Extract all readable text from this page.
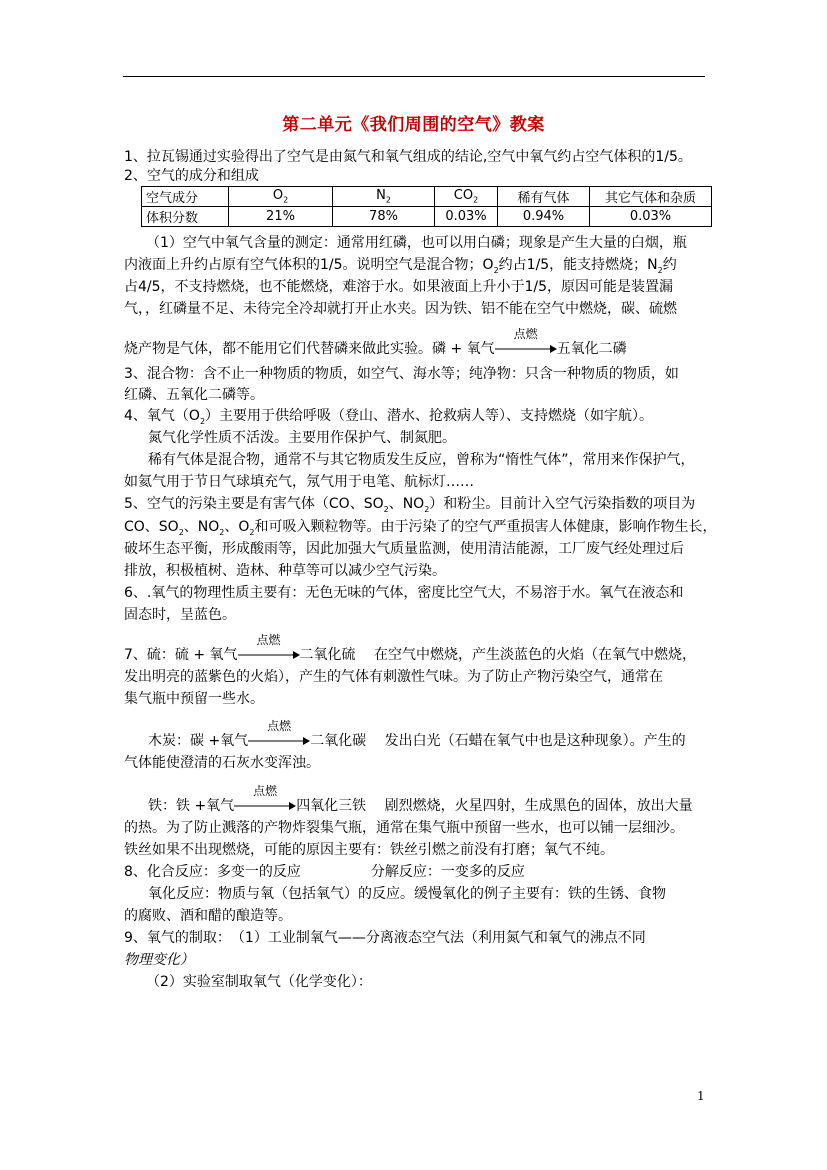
第二单元《我们周围的空气》教案
1、拉瓦锡通过实验得出了空气是由氮气和氧气组成的结论,空气中氧气约占空气体积的1/5。
2、空气的成分和组成
空气成分	$O_2$	$N_2$	$CO_2$	稀有气体	其它气体和杂质
体积分数	21%	78%	0.03%	0.94%	0.03%
（1）空气中氧气含量的测定：通常用红磷，也可以用白磷；现象是产生大量的白烟，瓶
内液面上升约占原有空气体积的1/5。说明空气是混合物；$O_2$约占1/5，能支持燃烧；$N_2$约
占4/5，不支持燃烧，也不能燃烧，难溶于水。如果液面上升小于1/5，原因可能是装置漏
气，，红磷量不足、未待完全冷却就打开止水夹。因为铁、铝不能在空气中燃烧，碳、硫燃
烧产物是气体，都不能用它们代替磷来做此实验。磷 + 氧气
点燃
五氧化二磷
3、混合物：含不止一种物质的物质，如空气、海水等；纯净物：只含一种物质的物质，如
红磷、五氧化二磷等。
4、氧气$(O_2)$主要用于供给呼吸（登山、潜水、抢救病人等）、支持燃烧（如宇航）。
氮气化学性质不活泼。主要用作保护气、制氮肥。
稀有气体是混合物，通常不与其它物质发生反应，曾称为“惰性气体”，常用来作保护气，
如氦气用于节日气球填充气，氖气用于电笔、航标灯……
5、空气的污染主要是有害气体（CO、$SO_2$、$NO_2$）和粉尘。目前计入空气污染指数的项目为
CO、$SO_2$、$NO_2$、$O_2$和可吸入颗粒物等。由于污染了的空气严重损害人体健康，影响作物生长，
破坏生态平衡，形成酸雨等，因此加强大气质量监测，使用清洁能源，工厂废气经处理过后
排放，积极植树、造林、种草等可以减少空气污染。
6、.氧气的物理性质主要有：无色无味的气体，密度比空气大，不易溶于水。氧气在液态和
固态时，呈蓝色。
7、硫：硫 + 氧气
点燃
二氧化硫　 在空气中燃烧，产生淡蓝色的火焰（在氧气中燃烧，
发出明亮的蓝紫色的火焰），产生的气体有刺激性气味。为了防止产物污染空气，通常在
集气瓶中预留一些水。
木炭：碳 +氧气
点燃
二氧化碳　 发出白光（石蜡在氧气中也是这种现象）。产生的
气体能使澄清的石灰水变浑浊。
铁：铁 +氧气
点燃
四氧化三铁　 剧烈燃烧，火星四射，生成黑色的固体，放出大量
的热。为了防止溅落的产物炸裂集气瓶，通常在集气瓶中预留一些水，也可以铺一层细沙。
铁丝如果不出现燃烧，可能的原因主要有：铁丝引燃之前没有打磨；氧气不纯。
8、化合反应：多变一的反应　　　　　分解反应：一变多的反应
氧化反应：物质与氧（包括氧气）的反应。缓慢氧化的例子主要有：铁的生锈、食物
的腐败、酒和醋的酿造等。
9、氧气的制取：　（1）工业制氧气——分离液态空气法（利用氮气和氧气的沸点不同
物理变化）
（2）实验室制取氧气（化学变化）：
1
